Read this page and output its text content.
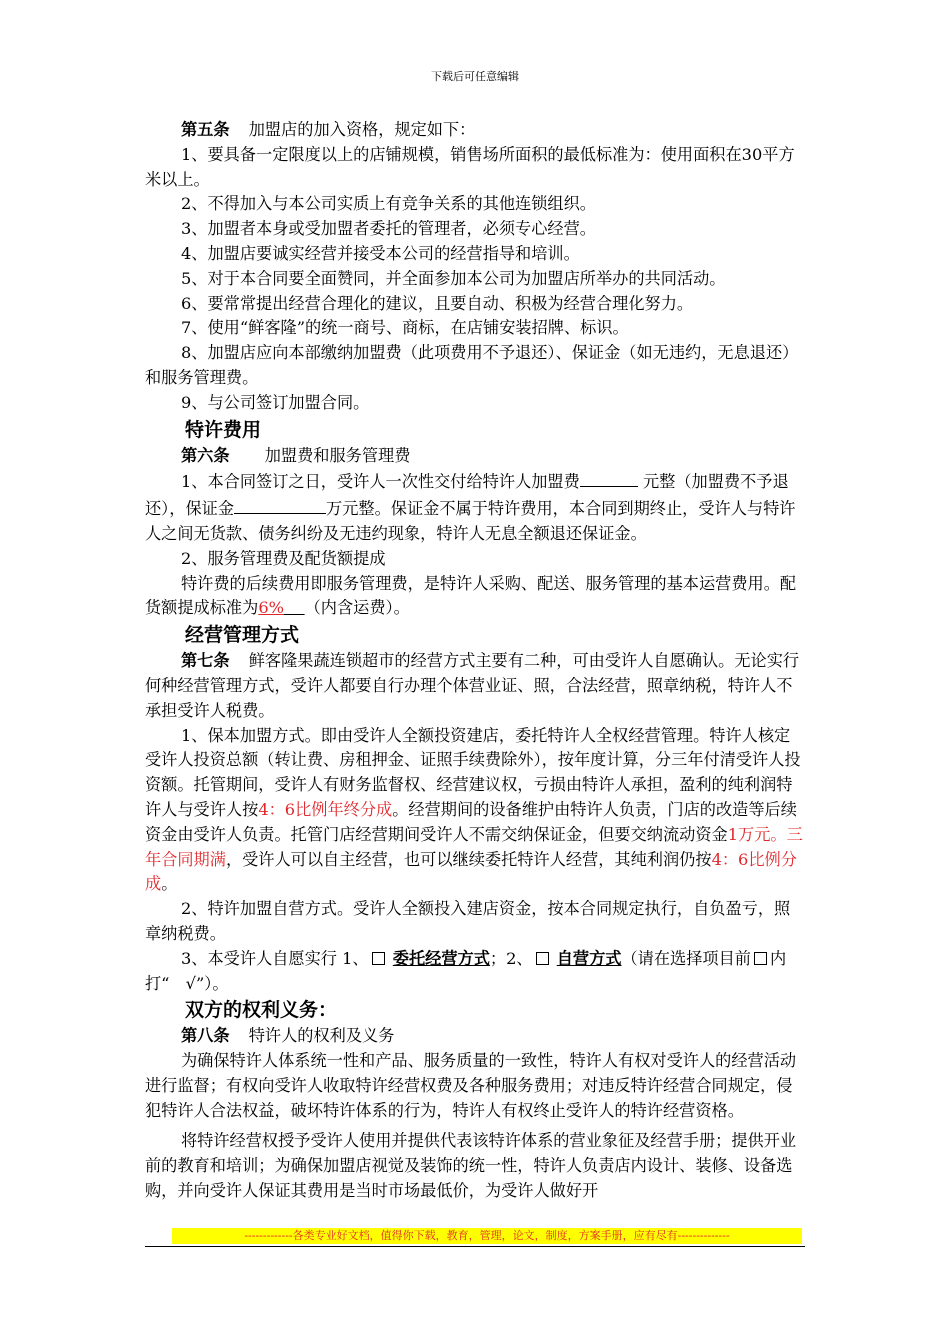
下载后可任意编辑

第五条 加盟店的加入资格，规定如下：

1、要具备一定限度以上的店铺规模，销售场所面积的最低标准为：使用面积在30平方米以上。

2、不得加入与本公司实质上有竞争关系的其他连锁组织。

3、加盟者本身或受加盟者委托的管理者，必须专心经营。

4、加盟店要诚实经营并接受本公司的经营指导和培训。

5、对于本合同要全面赞同，并全面参加本公司为加盟店所举办的共同活动。

6、要常常提出经营合理化的建议，且要自动、积极为经营合理化努力。

7、使用“鲜客隆”的统一商号、商标，在店铺安装招牌、标识。

8、加盟店应向本部缴纳加盟费（此项费用不予退还）、保证金（如无违约，无息退还）和服务管理费。

9、与公司签订加盟合同。

特许费用

第六条 加盟费和服务管理费

1、本合同签订之日，受许人一次性交付给特许人加盟费	元整（加盟费不予退还），保证金	万元整。保证金不属于特许费用，本合同到期终止，受许人与特许人之间无货款、债务纠纷及无违约现象，特许人无息全额退还保证金。

2、服务管理费及配货额提成

特许费的后续费用即服务管理费，是特许人采购、配送、服务管理的基本运营费用。配货额提成标准为6% （内含运费）。

经营管理方式

第七条 鲜客隆果蔬连锁超市的经营方式主要有二种，可由受许人自愿确认。无论实行何种经营管理方式，受许人都要自行办理个体营业证、照，合法经营，照章纳税，特许人不承担受许人税费。

1、保本加盟方式。即由受许人全额投资建店，委托特许人全权经营管理。特许人核定受许人投资总额（转让费、房租押金、证照手续费除外），按年度计算，分三年付清受许人投资额。托管期间，受许人有财务监督权、经营建议权，亏损由特许人承担，盈利的纯利润特许人与受许人按4：6比例年终分成。经营期间的设备维护由特许人负责，门店的改造等后续资金由受许人负责。托管门店经营期间受许人不需交纳保证金，但要交纳流动资金1万元。三年合同期满，受许人可以自主经营，也可以继续委托特许人经营，其纯利润仍按4：6比例分成。

2、特许加盟自营方式。受许人全额投入建店资金，按本合同规定执行，自负盈亏，照章纳税费。

3、本受许人自愿实行 1、 委托经营方式；2、 自营方式（请在选择项目前 内打“　√”）。

双方的权利义务：

第八条 特许人的权利及义务

为确保特许人体系统一性和产品、服务质量的一致性，特许人有权对受许人的经营活动进行监督；有权向受许人收取特许经营权费及各种服务费用；对违反特许经营合同规定，侵犯特许人合法权益，破坏特许体系的行为，特许人有权终止受许人的特许经营资格。

将特许经营权授予受许人使用并提供代表该特许体系的营业象征及经营手册；提供开业前的教育和培训；为确保加盟店视觉及装饰的统一性，特许人负责店内设计、装修、设备选购，并向受许人保证其费用是当时市场最低价，为受许人做好开

-------------各类专业好文档，值得你下载，教育，管理，论文，制度，方案手册，应有尽有--------------
